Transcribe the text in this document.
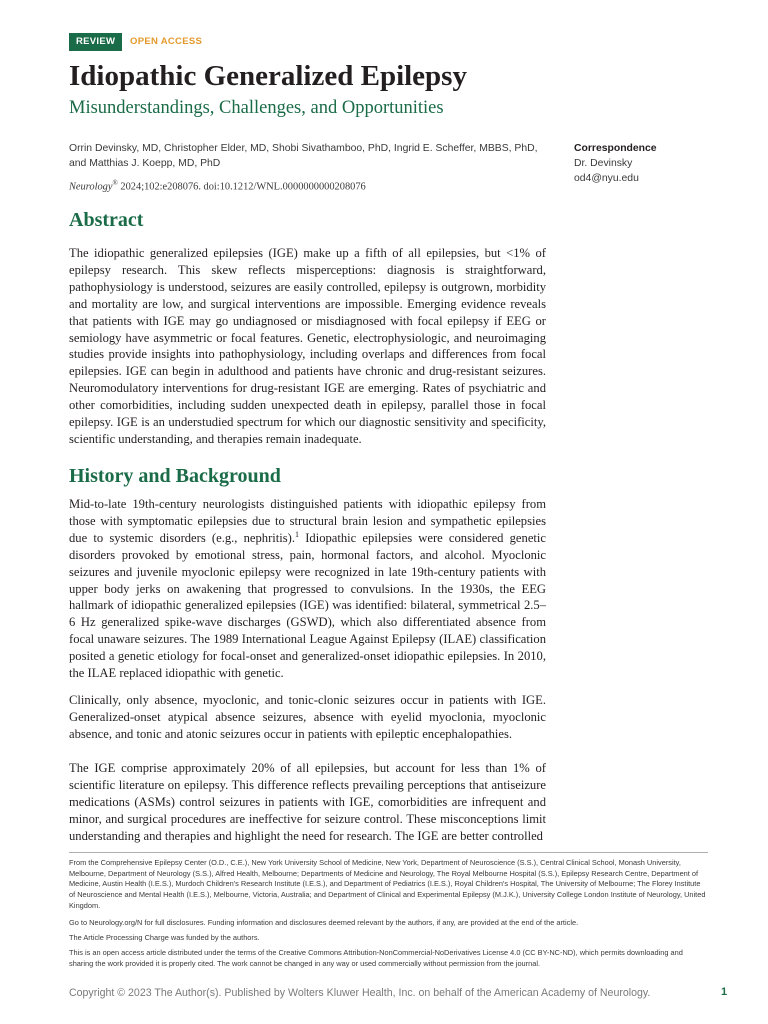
REVIEW	OPEN ACCESS
Idiopathic Generalized Epilepsy
Misunderstandings, Challenges, and Opportunities
Orrin Devinsky, MD, Christopher Elder, MD, Shobi Sivathamboo, PhD, Ingrid E. Scheffer, MBBS, PhD, and Matthias J. Koepp, MD, PhD
Neurology® 2024;102:e208076. doi:10.1212/WNL.0000000000208076
Correspondence
Dr. Devinsky
od4@nyu.edu
Abstract

The idiopathic generalized epilepsies (IGE) make up a fifth of all epilepsies, but <1% of epilepsy research. This skew reflects misperceptions: diagnosis is straightforward, pathophysiology is understood, seizures are easily controlled, epilepsy is outgrown, morbidity and mortality are low, and surgical interventions are impossible. Emerging evidence reveals that patients with IGE may go undiagnosed or misdiagnosed with focal epilepsy if EEG or semiology have asymmetric or focal features. Genetic, electrophysiologic, and neuroimaging studies provide insights into pathophysiology, including overlaps and differences from focal epilepsies. IGE can begin in adulthood and patients have chronic and drug-resistant seizures. Neuromodulatory interventions for drug-resistant IGE are emerging. Rates of psychiatric and other comorbidities, including sudden unexpected death in epilepsy, parallel those in focal epilepsy. IGE is an understudied spectrum for which our diagnostic sensitivity and specificity, scientific understanding, and therapies remain inadequate.

History and Background

Mid-to-late 19th-century neurologists distinguished patients with idiopathic epilepsy from those with symptomatic epilepsies due to structural brain lesion and sympathetic epilepsies due to systemic disorders (e.g., nephritis).$^1$ Idiopathic epilepsies were considered genetic disorders provoked by emotional stress, pain, hormonal factors, and alcohol. Myoclonic seizures and juvenile myoclonic epilepsy were recognized in late 19th-century patients with upper body jerks on awakening that progressed to convulsions. In the 1930s, the EEG hallmark of idiopathic generalized epilepsies (IGE) was identified: bilateral, symmetrical 2.5–6 Hz generalized spike-wave discharges (GSWD), which also differentiated absence from focal unaware seizures. The 1989 International League Against Epilepsy (ILAE) classification posited a genetic etiology for focal-onset and generalized-onset idiopathic epilepsies. In 2010, the ILAE replaced idiopathic with genetic.

Clinically, only absence, myoclonic, and tonic-clonic seizures occur in patients with IGE. Generalized-onset atypical absence seizures, absence with eyelid myoclonia, myoclonic absence, and tonic and atonic seizures occur in patients with epileptic encephalopathies.

The IGE comprise approximately 20% of all epilepsies, but account for less than 1% of scientific literature on epilepsy. This difference reflects prevailing perceptions that antiseizure medications (ASMs) control seizures in patients with IGE, comorbidities are infrequent and minor, and surgical procedures are ineffective for seizure control. These misconceptions limit understanding and therapies and highlight the need for research. The IGE are better controlled

From the Comprehensive Epilepsy Center (O.D., C.E.), New York University School of Medicine, New York, Department of Neuroscience (S.S.), Central Clinical School, Monash University, Melbourne, Department of Neurology (S.S.), Alfred Health, Melbourne; Departments of Medicine and Neurology, The Royal Melbourne Hospital (S.S.), Epilepsy Research Centre, Department of Medicine, Austin Health (I.E.S.), Murdoch Children's Research Institute (I.E.S.), and Department of Pediatrics (I.E.S.), Royal Children's Hospital, The University of Melbourne; The Florey Institute of Neuroscience and Mental Health (I.E.S.), Melbourne, Victoria, Australia; and Department of Clinical and Experimental Epilepsy (M.J.K.), University College London Institute of Neurology, United Kingdom.

Go to Neurology.org/N for full disclosures. Funding information and disclosures deemed relevant by the authors, if any, are provided at the end of the article.

The Article Processing Charge was funded by the authors.

This is an open access article distributed under the terms of the Creative Commons Attribution-NonCommercial-NoDerivatives License 4.0 (CC BY-NC-ND), which permits downloading and sharing the work provided it is properly cited. The work cannot be changed in any way or used commercially without permission from the journal.

Copyright © 2023 The Author(s). Published by Wolters Kluwer Health, Inc. on behalf of the American Academy of Neurology.	1
